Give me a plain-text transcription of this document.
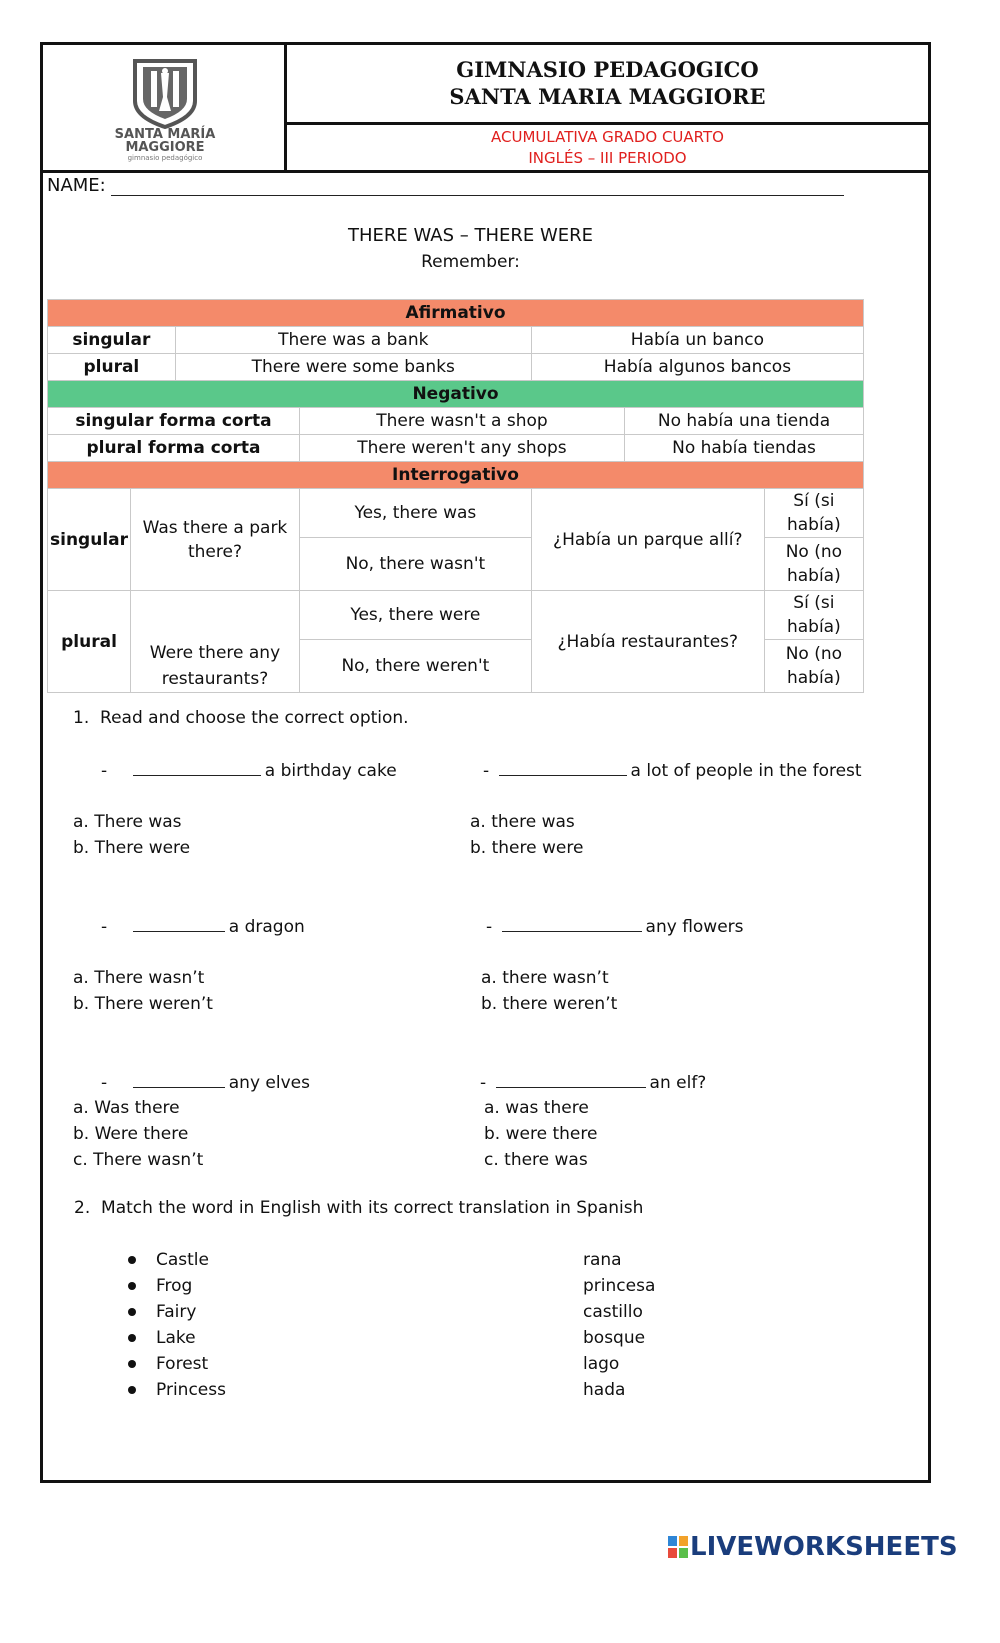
SANTA MARÍA
MAGGIORE
gimnasio pedagógico
GIMNASIO PEDAGOGICO
SANTA MARIA MAGGIORE
ACUMULATIVA GRADO CUARTO
INGLÉS – III PERIODO
NAME:
THERE WAS – THERE WERE
Remember:
Afirmativo						
singular		There was a bank		Había un banco		
plural		There were some banks		Había algunos bancos		
Negativo						
singular forma corta			There wasn't a shop		No había una tienda	
plural forma corta			There weren't any shops		No había tiendas	
Interrogativo						
singular	Was there a park there?		Yes, there was	¿Había un parque allí?		Sí (si había)
			No, there wasn't			No (no había)
plural	Were there any restaurants?		Yes, there were	¿Había restaurantes?		Sí (si había)
			No, there weren't			No (no había)
1. Read and choose the correct option.
-	a birthday cake
a. There was
b. There were
-	a lot of people in the forest
a. there was
b. there were
-	a dragon
a. There wasn’t
b. There weren’t
-	any flowers
a. there wasn’t
b. there weren’t
-	any elves
a. Was there
b. Were there
c. There wasn’t
-	an elf?
a. was there
b. were there
c. there was
2. Match the word in English with its correct translation in Spanish
Castle
Frog
Fairy
Lake
Forest
Princess
rana
princesa
castillo
bosque
lago
hada
LIVEWORKSHEETS
